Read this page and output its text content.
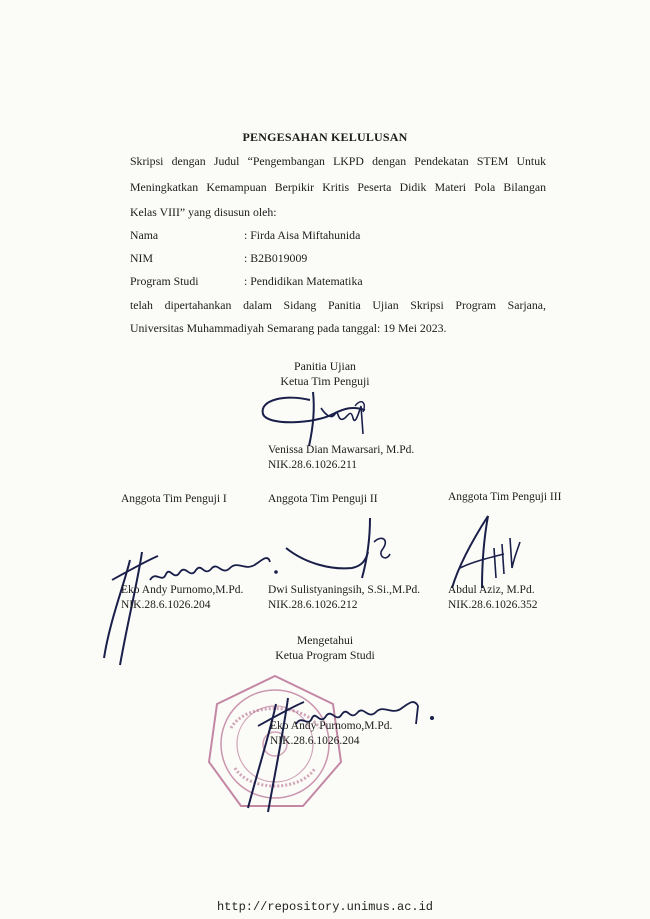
PENGESAHAN KELULUSAN
Skripsi dengan Judul “Pengembangan LKPD dengan Pendekatan STEM Untuk
Meningkatkan Kemampuan Berpikir Kritis Peserta Didik Materi Pola Bilangan
Kelas VIII” yang disusun oleh:
Nama	: Firda Aisa Miftahunida
NIM	: B2B019009
Program Studi	: Pendidikan Matematika
telah dipertahankan dalam Sidang Panitia Ujian Skripsi Program Sarjana,
Universitas Muhammadiyah Semarang pada tanggal: 19 Mei 2023.
Panitia Ujian
Ketua Tim Penguji
Venissa Dian Mawarsari, M.Pd.
NIK.28.6.1026.211
Anggota Tim Penguji I	Anggota Tim Penguji II	Anggota Tim Penguji III
Eko Andy Purnomo,M.Pd.
NIK.28.6.1026.204
Dwi Sulistyaningsih, S.Si.,M.Pd.
NIK.28.6.1026.212
Abdul Aziz, M.Pd.
NIK.28.6.1026.352
Mengetahui
Ketua Program Studi
Eko Andy Purnomo,M.Pd.
NIK.28.6.1026.204
http://repository.unimus.ac.id
